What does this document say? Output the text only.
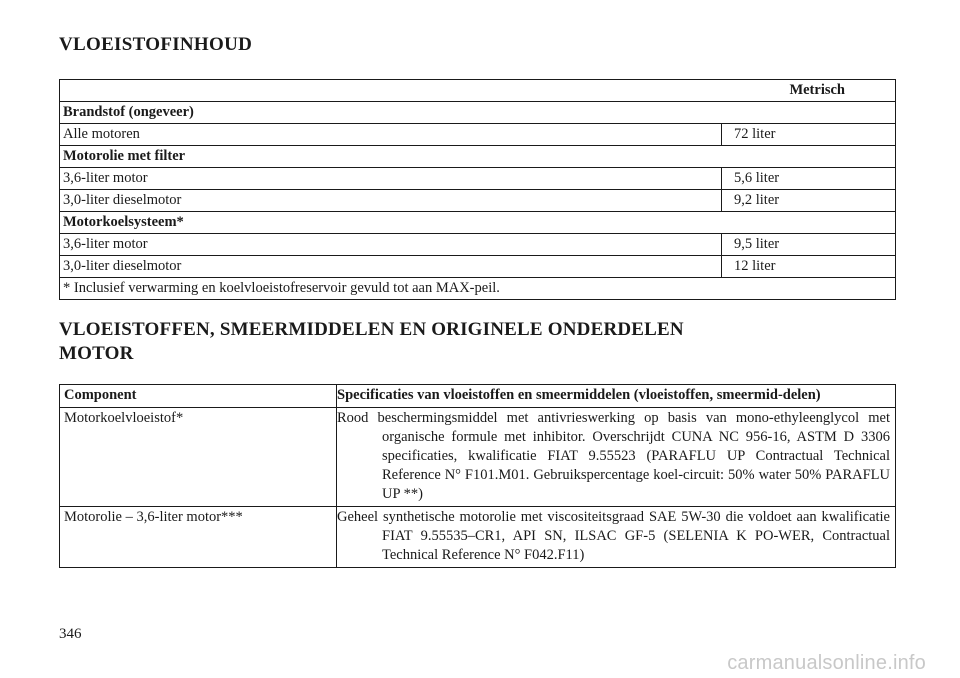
VLOEISTOFINHOUD
Metrisch	
Brandstof (ongeveer)	
Alle motoren	72 liter
Motorolie met filter	
3,6-liter motor	5,6 liter
3,0-liter dieselmotor	9,2 liter
Motorkoelsysteem*	
3,6-liter motor	9,5 liter
3,0-liter dieselmotor	12 liter
* Inclusief verwarming en koelvloeistofreservoir gevuld tot aan MAX-peil.	
VLOEISTOFFEN, SMEERMIDDELEN EN ORIGINELE ONDERDELEN
MOTOR
Component	Specificaties van vloeistoffen en smeermiddelen (vloeistoffen, smeermid-delen)
Motorkoelvloeistof*	Rood beschermingsmiddel met antivrieswerking op basis van mono-ethyleenglycol met organische formule met inhibitor. Overschrijdt CUNA NC 956-16, ASTM D 3306 specificaties, kwalificatie FIAT 9.55523 (PARAFLU UP Contractual Technical Reference N° F101.M01. Gebruikspercentage koel-circuit: 50% water 50% PARAFLU UP **)
Motorolie – 3,6-liter motor***	Geheel synthetische motorolie met viscositeitsgraad SAE 5W-30 die voldoet aan kwalificatie FIAT 9.55535–CR1, API SN, ILSAC GF-5 (SELENIA K PO-WER, Contractual Technical Reference N° F042.F11)
346
carmanualsonline.info
